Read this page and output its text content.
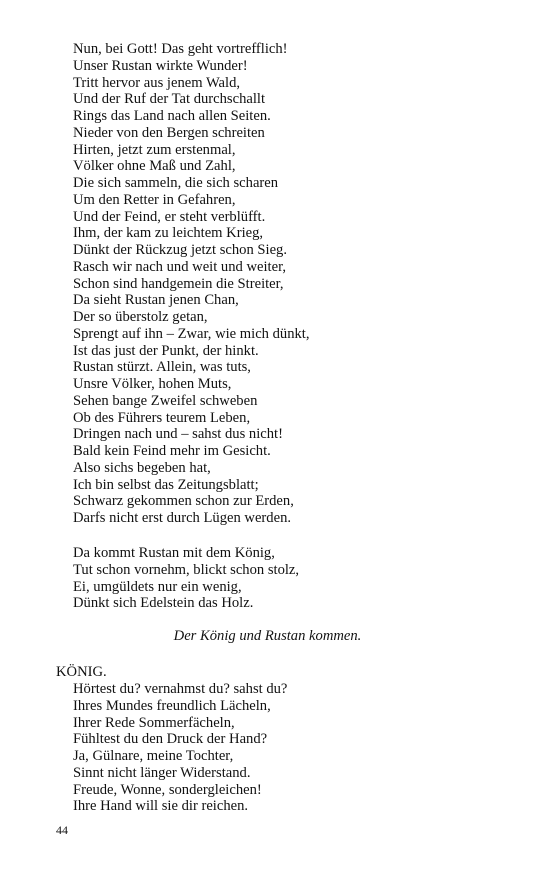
Nun, bei Gott! Das geht vortrefflich!
Unser Rustan wirkte Wunder!
Tritt hervor aus jenem Wald,
Und der Ruf der Tat durchschallt
Rings das Land nach allen Seiten.
Nieder von den Bergen schreiten
Hirten, jetzt zum erstenmal,
Völker ohne Maß und Zahl,
Die sich sammeln, die sich scharen
Um den Retter in Gefahren,
Und der Feind, er steht verblüfft.
Ihm, der kam zu leichtem Krieg,
Dünkt der Rückzug jetzt schon Sieg.
Rasch wir nach und weit und weiter,
Schon sind handgemein die Streiter,
Da sieht Rustan jenen Chan,
Der so überstolz getan,
Sprengt auf ihn – Zwar, wie mich dünkt,
Ist das just der Punkt, der hinkt.
Rustan stürzt. Allein, was tuts,
Unsre Völker, hohen Muts,
Sehen bange Zweifel schweben
Ob des Führers teurem Leben,
Dringen nach und – sahst dus nicht!
Bald kein Feind mehr im Gesicht.
Also sichs begeben hat,
Ich bin selbst das Zeitungsblatt;
Schwarz gekommen schon zur Erden,
Darfs nicht erst durch Lügen werden.
Da kommt Rustan mit dem König,
Tut schon vornehm, blickt schon stolz,
Ei, umgüldets nur ein wenig,
Dünkt sich Edelstein das Holz.
Der König und Rustan kommen.
KÖNIG.
Hörtest du? vernahmst du? sahst du?
Ihres Mundes freundlich Lächeln,
Ihrer Rede Sommerfächeln,
Fühltest du den Druck der Hand?
Ja, Gülnare, meine Tochter,
Sinnt nicht länger Widerstand.
Freude, Wonne, sondergleichen!
Ihre Hand will sie dir reichen.
44
